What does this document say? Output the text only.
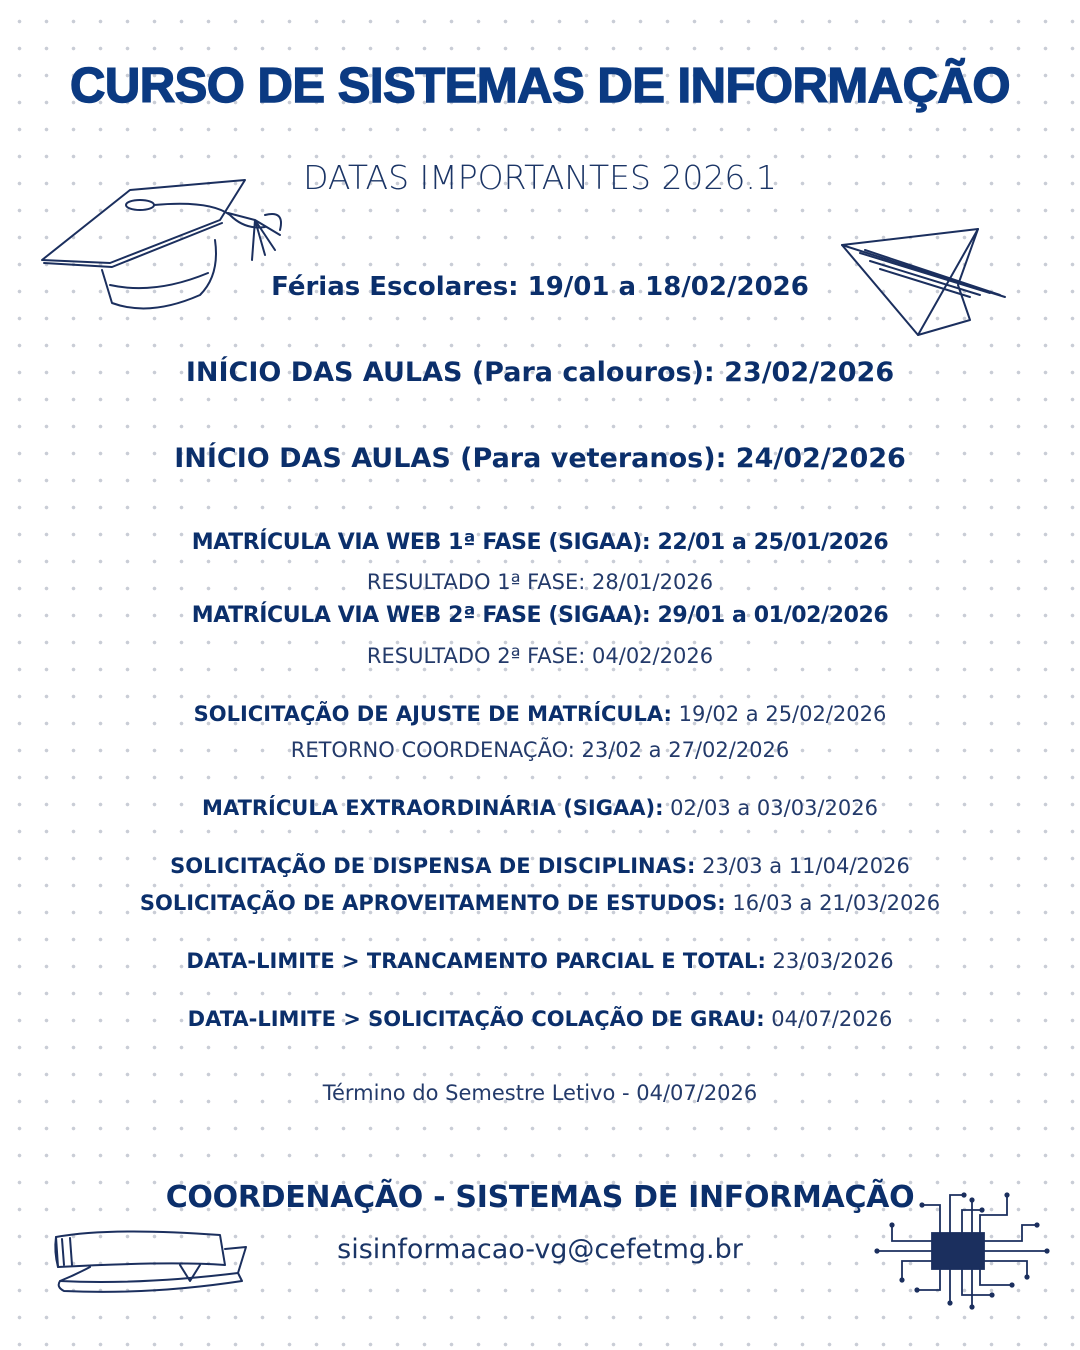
CURSO DE SISTEMAS DE INFORMAÇÃO
DATAS IMPORTANTES 2026.1
Férias Escolares: 19/01 a 18/02/2026
INÍCIO DAS AULAS (Para calouros): 23/02/2026
INÍCIO DAS AULAS (Para veteranos): 24/02/2026
MATRÍCULA VIA WEB 1ª FASE (SIGAA): 22/01 a 25/01/2026
RESULTADO 1ª FASE: 28/01/2026
MATRÍCULA VIA WEB 2ª FASE (SIGAA): 29/01 a 01/02/2026
RESULTADO 2ª FASE: 04/02/2026
SOLICITAÇÃO DE AJUSTE DE MATRÍCULA: 19/02 a 25/02/2026
RETORNO COORDENAÇÃO: 23/02 a 27/02/2026
MATRÍCULA EXTRAORDINÁRIA (SIGAA): 02/03 a 03/03/2026
SOLICITAÇÃO DE DISPENSA DE DISCIPLINAS: 23/03 a 11/04/2026
SOLICITAÇÃO DE APROVEITAMENTO DE ESTUDOS: 16/03 a 21/03/2026
DATA-LIMITE > TRANCAMENTO PARCIAL E TOTAL: 23/03/2026
DATA-LIMITE > SOLICITAÇÃO COLAÇÃO DE GRAU: 04/07/2026
Término do Semestre Letivo - 04/07/2026
COORDENAÇÃO - SISTEMAS DE INFORMAÇÃO
sisinformacao-vg@cefetmg.br
